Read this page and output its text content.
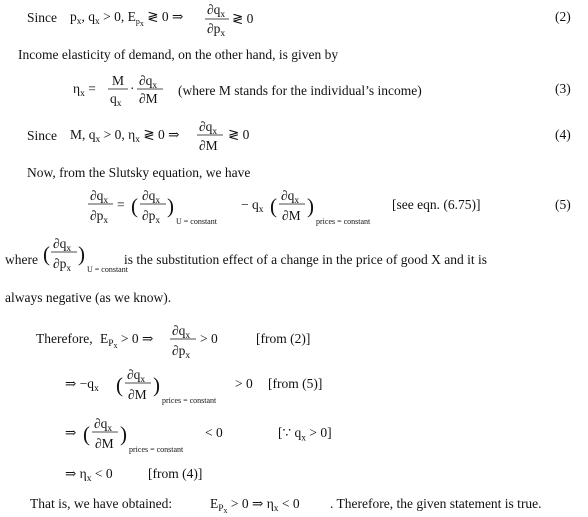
(2)
(3)
(4)
(5)
Since
Income elasticity of demand, on the other hand, is given by
(where M stands for the individual’s income)
Since
Now, from the Slutsky equation, we have
[see eqn. (6.75)]
where	is the substitution effect of a change in the price of good X and it is
always negative (as we know).
Therefore,	[from (2)]
[from (5)]
[∵ $q_x > 0$]
[from (4)]
That is, we have obtained:	. Therefore, the given statement is true.
$p_x$, $q_x > 0$, $E_px$ ≷ 0 ⇒ $\partial q_x$
$\partial p_x$
≷ 0
$\eta_x$ =
M
$q_x$
·
$\partial q_x$
∂M
M, $q_x > 0$, $\eta_x$ ≷ 0 ⇒
$\partial q_x$
∂M
≷ 0
$\partial q_x$
$\partial p_x$
= ( $\partial q_x$
$\partial p_x$
)
U = constant
− $q_x$ ( $\partial q_x$
∂M )
prices = constant
( $\partial q_x$
$\partial p_x$
)
U = constant
$E_Px > 0$ ⇒
$\partial q_x$
$\partial p_x$
> 0
⇒ $-q_x$ ( $\partial q_x$
∂M )
prices = constant
> 0
⇒ ( $\partial q_x$
∂M )
prices = constant
< 0
⇒ $\eta_x < 0$
$E_Px > 0$ ⇒ $\eta_x < 0$
